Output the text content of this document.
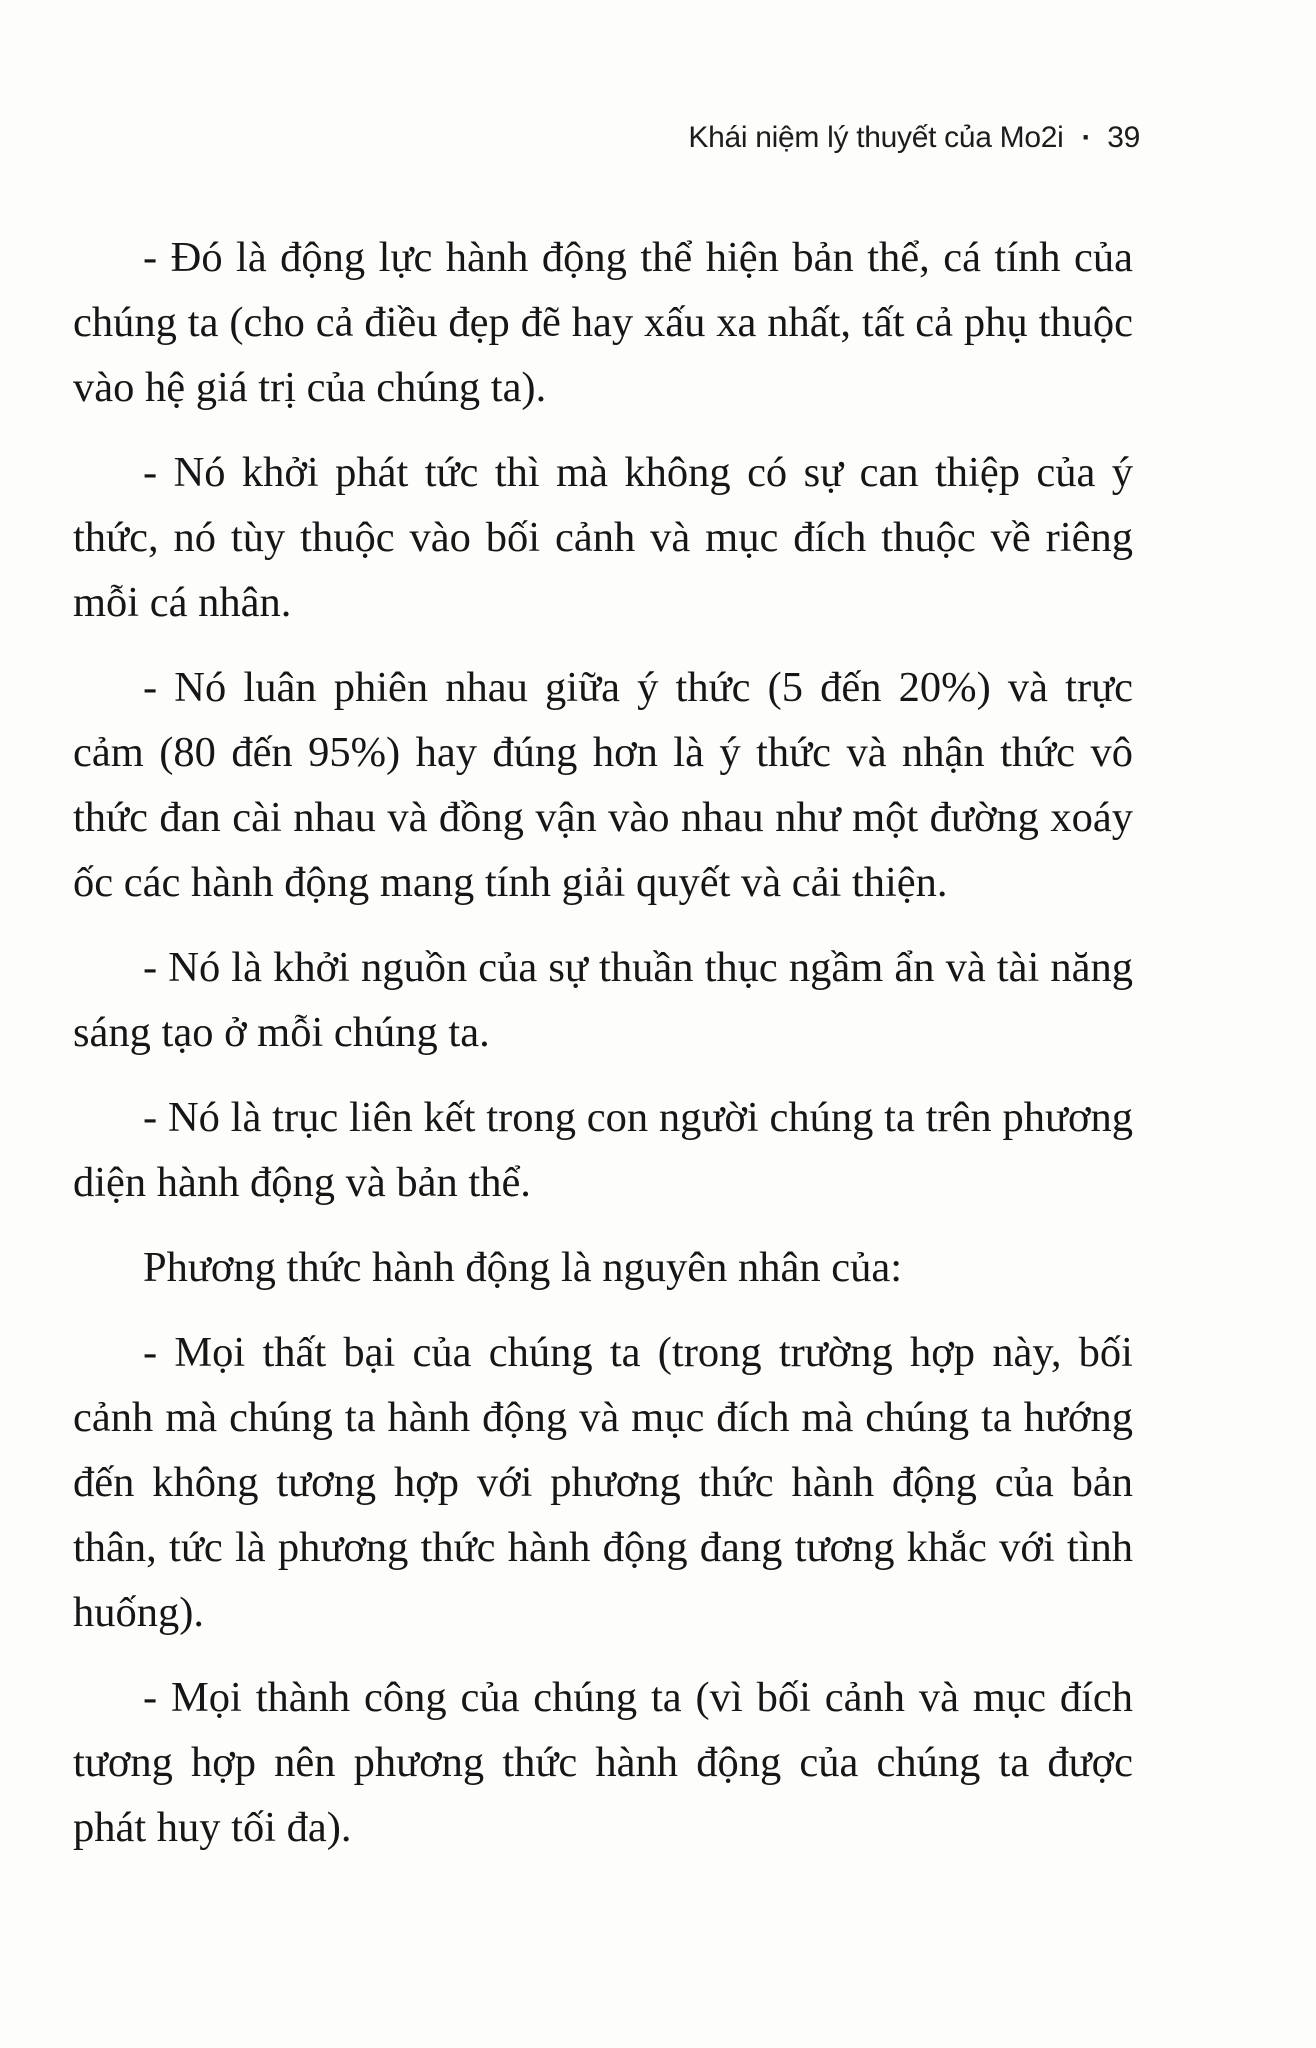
Khái niệm lý thuyết của Mo2i · 39

- Đó là động lực hành động thể hiện bản thể, cá tính của chúng ta (cho cả điều đẹp đẽ hay xấu xa nhất, tất cả phụ thuộc vào hệ giá trị của chúng ta).

- Nó khởi phát tức thì mà không có sự can thiệp của ý thức, nó tùy thuộc vào bối cảnh và mục đích thuộc về riêng mỗi cá nhân.

- Nó luân phiên nhau giữa ý thức (5 đến 20%) và trực cảm (80 đến 95%) hay đúng hơn là ý thức và nhận thức vô thức đan cài nhau và đồng vận vào nhau như một đường xoáy ốc các hành động mang tính giải quyết và cải thiện.

- Nó là khởi nguồn của sự thuần thục ngầm ẩn và tài năng sáng tạo ở mỗi chúng ta.

- Nó là trục liên kết trong con người chúng ta trên phương diện hành động và bản thể.

Phương thức hành động là nguyên nhân của:

- Mọi thất bại của chúng ta (trong trường hợp này, bối cảnh mà chúng ta hành động và mục đích mà chúng ta hướng đến không tương hợp với phương thức hành động của bản thân, tức là phương thức hành động đang tương khắc với tình huống).

- Mọi thành công của chúng ta (vì bối cảnh và mục đích tương hợp nên phương thức hành động của chúng ta được phát huy tối đa).
